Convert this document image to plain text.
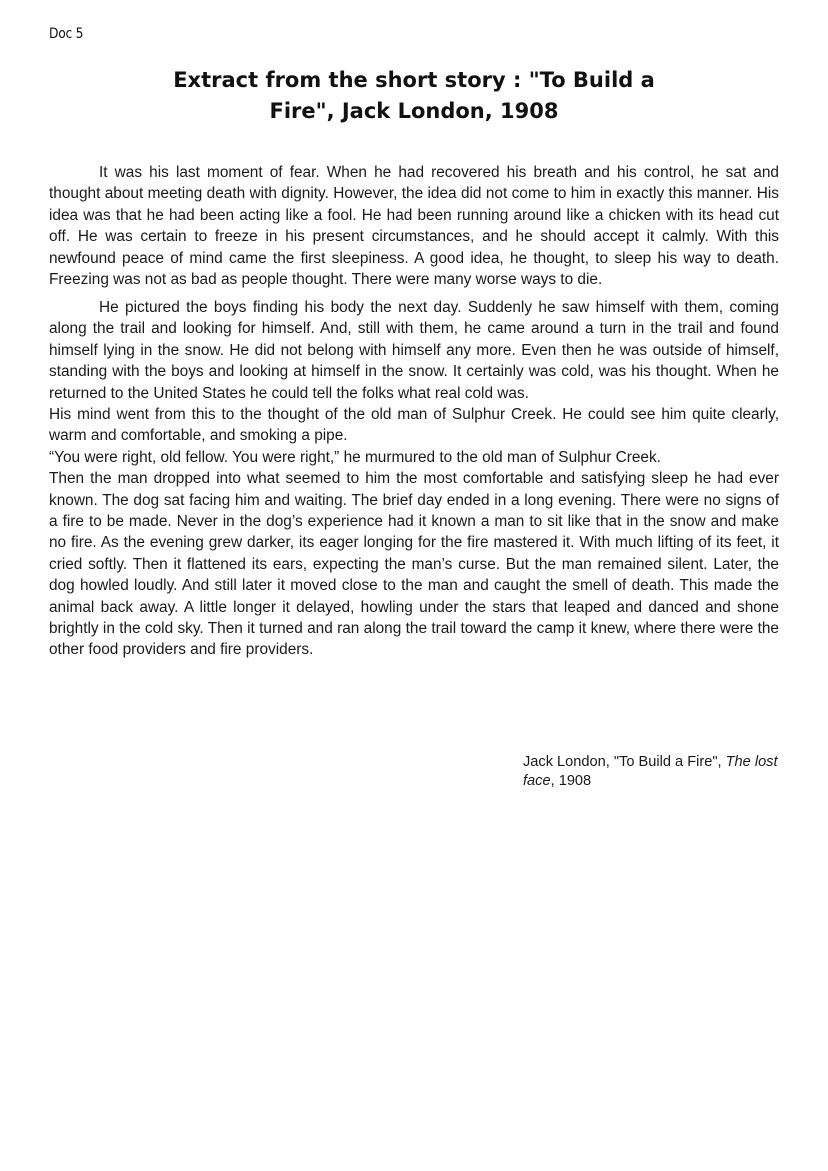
Doc 5
Extract from the short story : "To Build a
Fire", Jack London, 1908

It was his last moment of fear. When he had recovered his breath and his control, he sat and thought about meeting death with dignity. However, the idea did not come to him in exactly this manner. His idea was that he had been acting like a fool. He had been running around like a chicken with its head cut off. He was certain to freeze in his present circumstances, and he should accept it calmly. With this newfound peace of mind came the first sleepiness. A good idea, he thought, to sleep his way to death. Freezing was not as bad as people thought. There were many worse ways to die.

He pictured the boys finding his body the next day. Suddenly he saw himself with them, coming along the trail and looking for himself. And, still with them, he came around a turn in the trail and found himself lying in the snow. He did not belong with himself any more. Even then he was outside of himself, standing with the boys and looking at himself in the snow. It certainly was cold, was his thought. When he returned to the United States he could tell the folks what real cold was.

His mind went from this to the thought of the old man of Sulphur Creek. He could see him quite clearly, warm and comfortable, and smoking a pipe.

“You were right, old fellow. You were right,” he murmured to the old man of Sulphur Creek.

Then the man dropped into what seemed to him the most comfortable and satisfying sleep he had ever known. The dog sat facing him and waiting. The brief day ended in a long evening. There were no signs of a fire to be made. Never in the dog’s experience had it known a man to sit like that in the snow and make no fire. As the evening grew darker, its eager longing for the fire mastered it. With much lifting of its feet, it cried softly. Then it flattened its ears, expecting the man’s curse. But the man remained silent. Later, the dog howled loudly. And still later it moved close to the man and caught the smell of death. This made the animal back away. A little longer it delayed, howling under the stars that leaped and danced and shone brightly in the cold sky. Then it turned and ran along the trail toward the camp it knew, where there were the other food providers and fire providers.

Jack London, "To Build a Fire", The lost face, 1908
